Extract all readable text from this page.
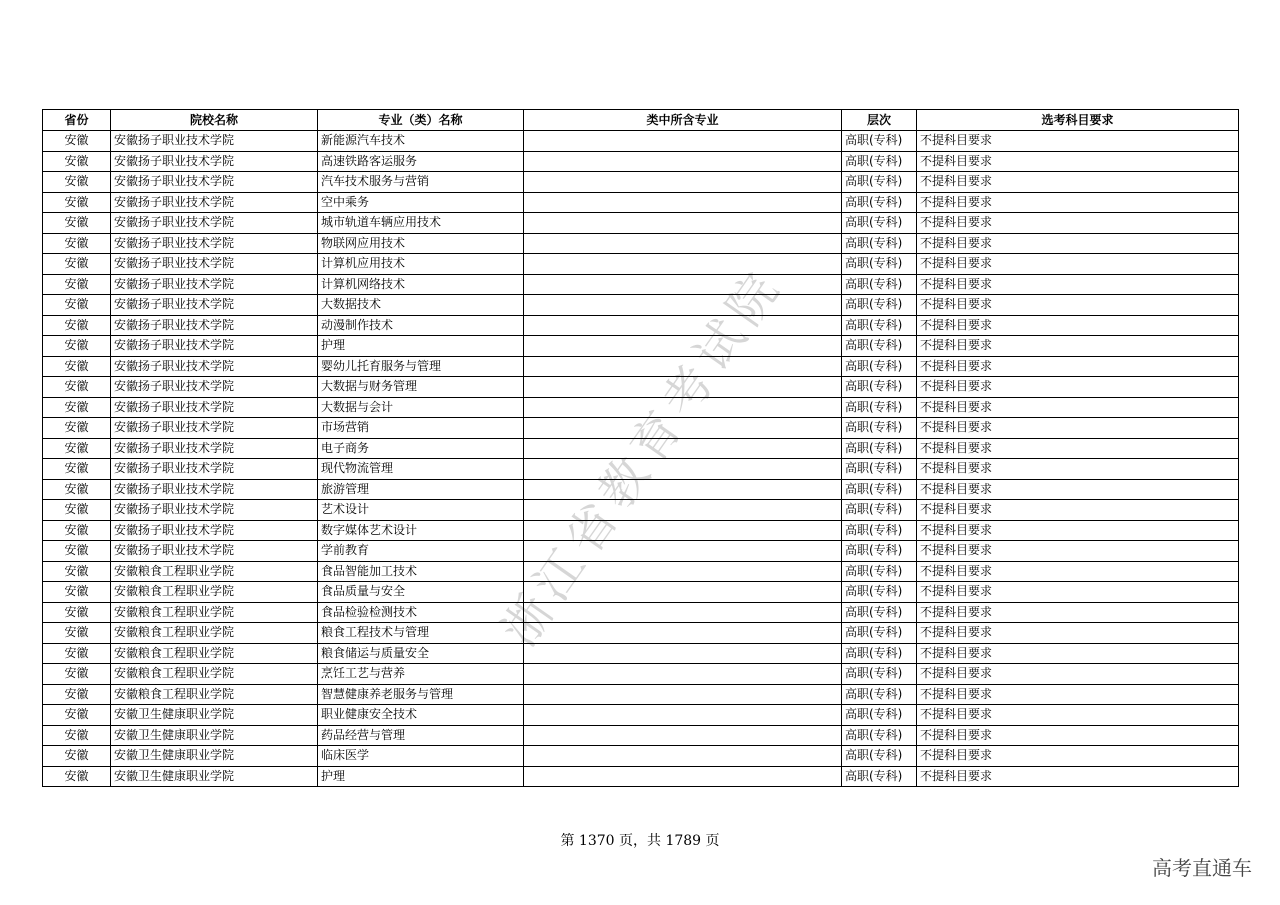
省份	院校名称	专业（类）名称	类中所含专业	层次	选考科目要求
安徽	安徽扬子职业技术学院	新能源汽车技术		高职(专科)	不提科目要求
安徽	安徽扬子职业技术学院	高速铁路客运服务		高职(专科)	不提科目要求
安徽	安徽扬子职业技术学院	汽车技术服务与营销		高职(专科)	不提科目要求
安徽	安徽扬子职业技术学院	空中乘务		高职(专科)	不提科目要求
安徽	安徽扬子职业技术学院	城市轨道车辆应用技术		高职(专科)	不提科目要求
安徽	安徽扬子职业技术学院	物联网应用技术		高职(专科)	不提科目要求
安徽	安徽扬子职业技术学院	计算机应用技术		高职(专科)	不提科目要求
安徽	安徽扬子职业技术学院	计算机网络技术		高职(专科)	不提科目要求
安徽	安徽扬子职业技术学院	大数据技术		高职(专科)	不提科目要求
安徽	安徽扬子职业技术学院	动漫制作技术		高职(专科)	不提科目要求
安徽	安徽扬子职业技术学院	护理		高职(专科)	不提科目要求
安徽	安徽扬子职业技术学院	婴幼儿托育服务与管理		高职(专科)	不提科目要求
安徽	安徽扬子职业技术学院	大数据与财务管理		高职(专科)	不提科目要求
安徽	安徽扬子职业技术学院	大数据与会计		高职(专科)	不提科目要求
安徽	安徽扬子职业技术学院	市场营销		高职(专科)	不提科目要求
安徽	安徽扬子职业技术学院	电子商务		高职(专科)	不提科目要求
安徽	安徽扬子职业技术学院	现代物流管理		高职(专科)	不提科目要求
安徽	安徽扬子职业技术学院	旅游管理		高职(专科)	不提科目要求
安徽	安徽扬子职业技术学院	艺术设计		高职(专科)	不提科目要求
安徽	安徽扬子职业技术学院	数字媒体艺术设计		高职(专科)	不提科目要求
安徽	安徽扬子职业技术学院	学前教育		高职(专科)	不提科目要求
安徽	安徽粮食工程职业学院	食品智能加工技术		高职(专科)	不提科目要求
安徽	安徽粮食工程职业学院	食品质量与安全		高职(专科)	不提科目要求
安徽	安徽粮食工程职业学院	食品检验检测技术		高职(专科)	不提科目要求
安徽	安徽粮食工程职业学院	粮食工程技术与管理		高职(专科)	不提科目要求
安徽	安徽粮食工程职业学院	粮食储运与质量安全		高职(专科)	不提科目要求
安徽	安徽粮食工程职业学院	烹饪工艺与营养		高职(专科)	不提科目要求
安徽	安徽粮食工程职业学院	智慧健康养老服务与管理		高职(专科)	不提科目要求
安徽	安徽卫生健康职业学院	职业健康安全技术		高职(专科)	不提科目要求
安徽	安徽卫生健康职业学院	药品经营与管理		高职(专科)	不提科目要求
安徽	安徽卫生健康职业学院	临床医学		高职(专科)	不提科目要求
安徽	安徽卫生健康职业学院	护理		高职(专科)	不提科目要求
浙江省教育考试院
第 1370 页，共 1789 页
高考直通车
